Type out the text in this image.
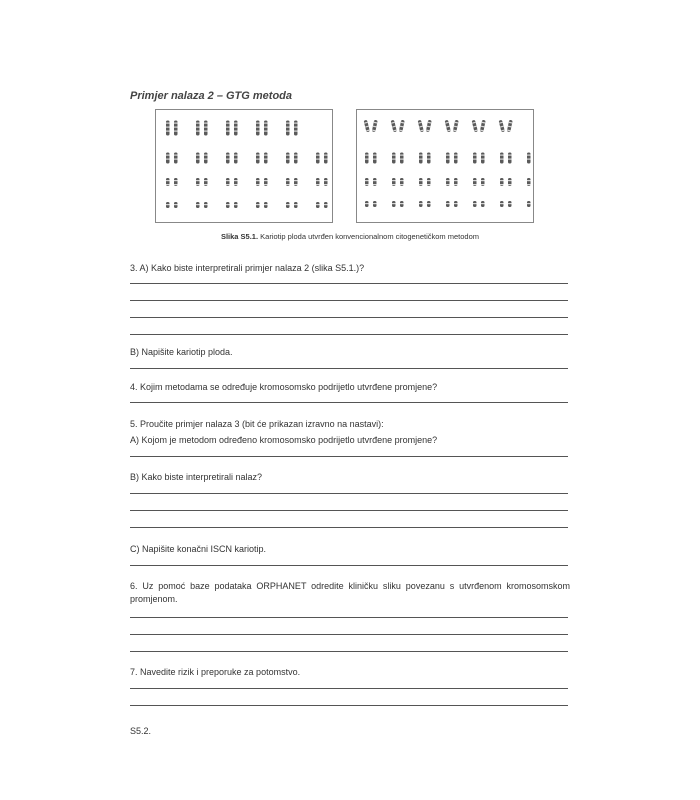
Primjer nalaza 2 – GTG metoda
Slika S5.1. Kariotip ploda utvrđen konvencionalnom citogenetičkom metodom
3. A) Kako biste interpretirali primjer nalaza 2 (slika S5.1.)?
B) Napišite kariotip ploda.
4. Kojim metodama se određuje kromosomsko podrijetlo utvrđene promjene?
5. Proučite primjer nalaza 3 (bit će prikazan izravno na nastavi):
A) Kojom je metodom određeno kromosomsko podrijetlo utvrđene promjene?
B) Kako biste interpretirali nalaz?
C) Napišite konačni ISCN kariotip.
6. Uz pomoć baze podataka ORPHANET odredite kliničku sliku povezanu s utvrđenom kromosomskom promjenom.
7. Navedite rizik i preporuke za potomstvo.
S5.2.
